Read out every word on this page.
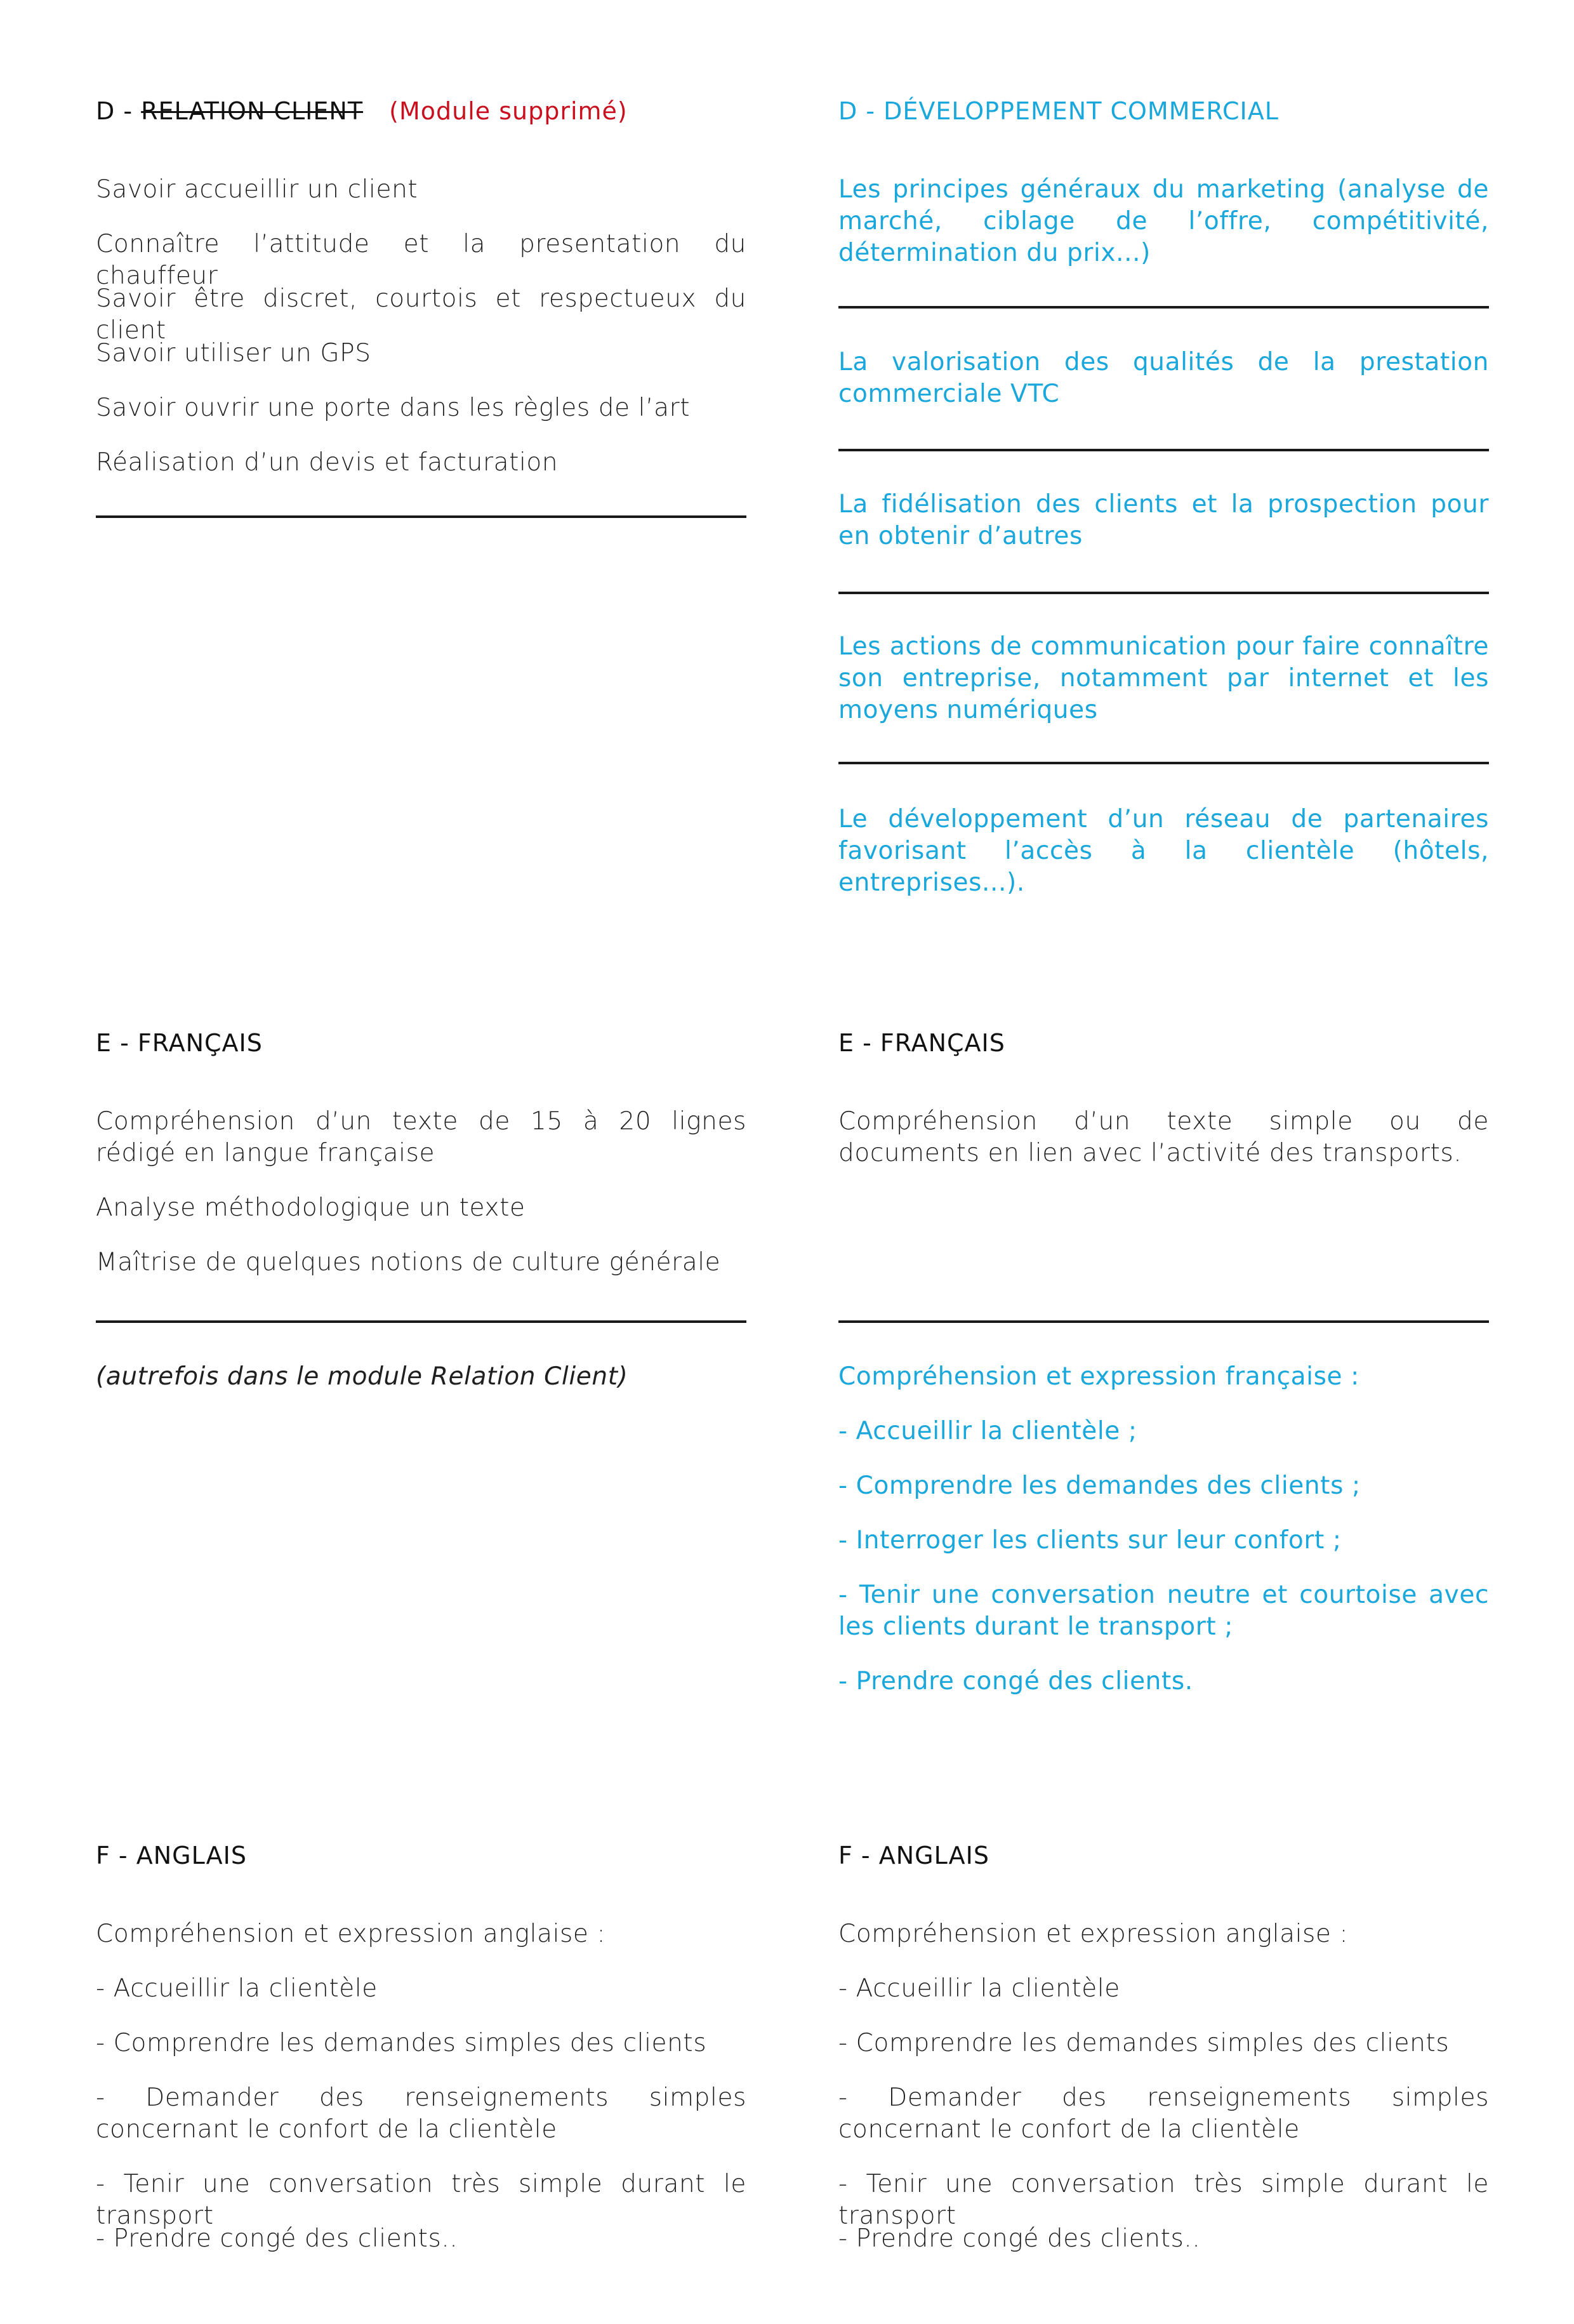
D - RELATION CLIENT (Module supprimé)

Savoir accueillir un client

Connaître l’attitude et la presentation du chauffeur

Savoir être discret, courtois et respectueux du client

Savoir utiliser un GPS

Savoir ouvrir une porte dans les règles de l’art

Réalisation d’un devis et facturation

D - DÉVELOPPEMENT COMMERCIAL

Les principes généraux du marketing (analyse de marché, ciblage de l’offre, compétitivité, détermination du prix...)

La valorisation des qualités de la prestation commerciale VTC

La fidélisation des clients et la prospection pour en obtenir d’autres

Les actions de communication pour faire connaître son entreprise, notamment par internet et les moyens numériques

Le développement d’un réseau de partenaires favorisant l’accès à la clientèle (hôtels, entreprises...).

E - FRANÇAIS

Compréhension d’un texte de 15 à 20 lignes rédigé en langue française

Analyse méthodologique un texte

Maîtrise de quelques notions de culture générale

(autrefois dans le module Relation Client)

E - FRANÇAIS

Compréhension d’un texte simple ou de documents en lien avec l’activité des transports.

Compréhension et expression française :

- Accueillir la clientèle ;

- Comprendre les demandes des clients ;

- Interroger les clients sur leur confort ;

- Tenir une conversation neutre et courtoise avec les clients durant le transport ;

- Prendre congé des clients.

F - ANGLAIS

Compréhension et expression anglaise :

- Accueillir la clientèle

- Comprendre les demandes simples des clients

- Demander des renseignements simples concernant le confort de la clientèle

- Tenir une conversation très simple durant le transport

- Prendre congé des clients..

F - ANGLAIS

Compréhension et expression anglaise :

- Accueillir la clientèle

- Comprendre les demandes simples des clients

- Demander des renseignements simples concernant le confort de la clientèle

- Tenir une conversation très simple durant le transport

- Prendre congé des clients..
